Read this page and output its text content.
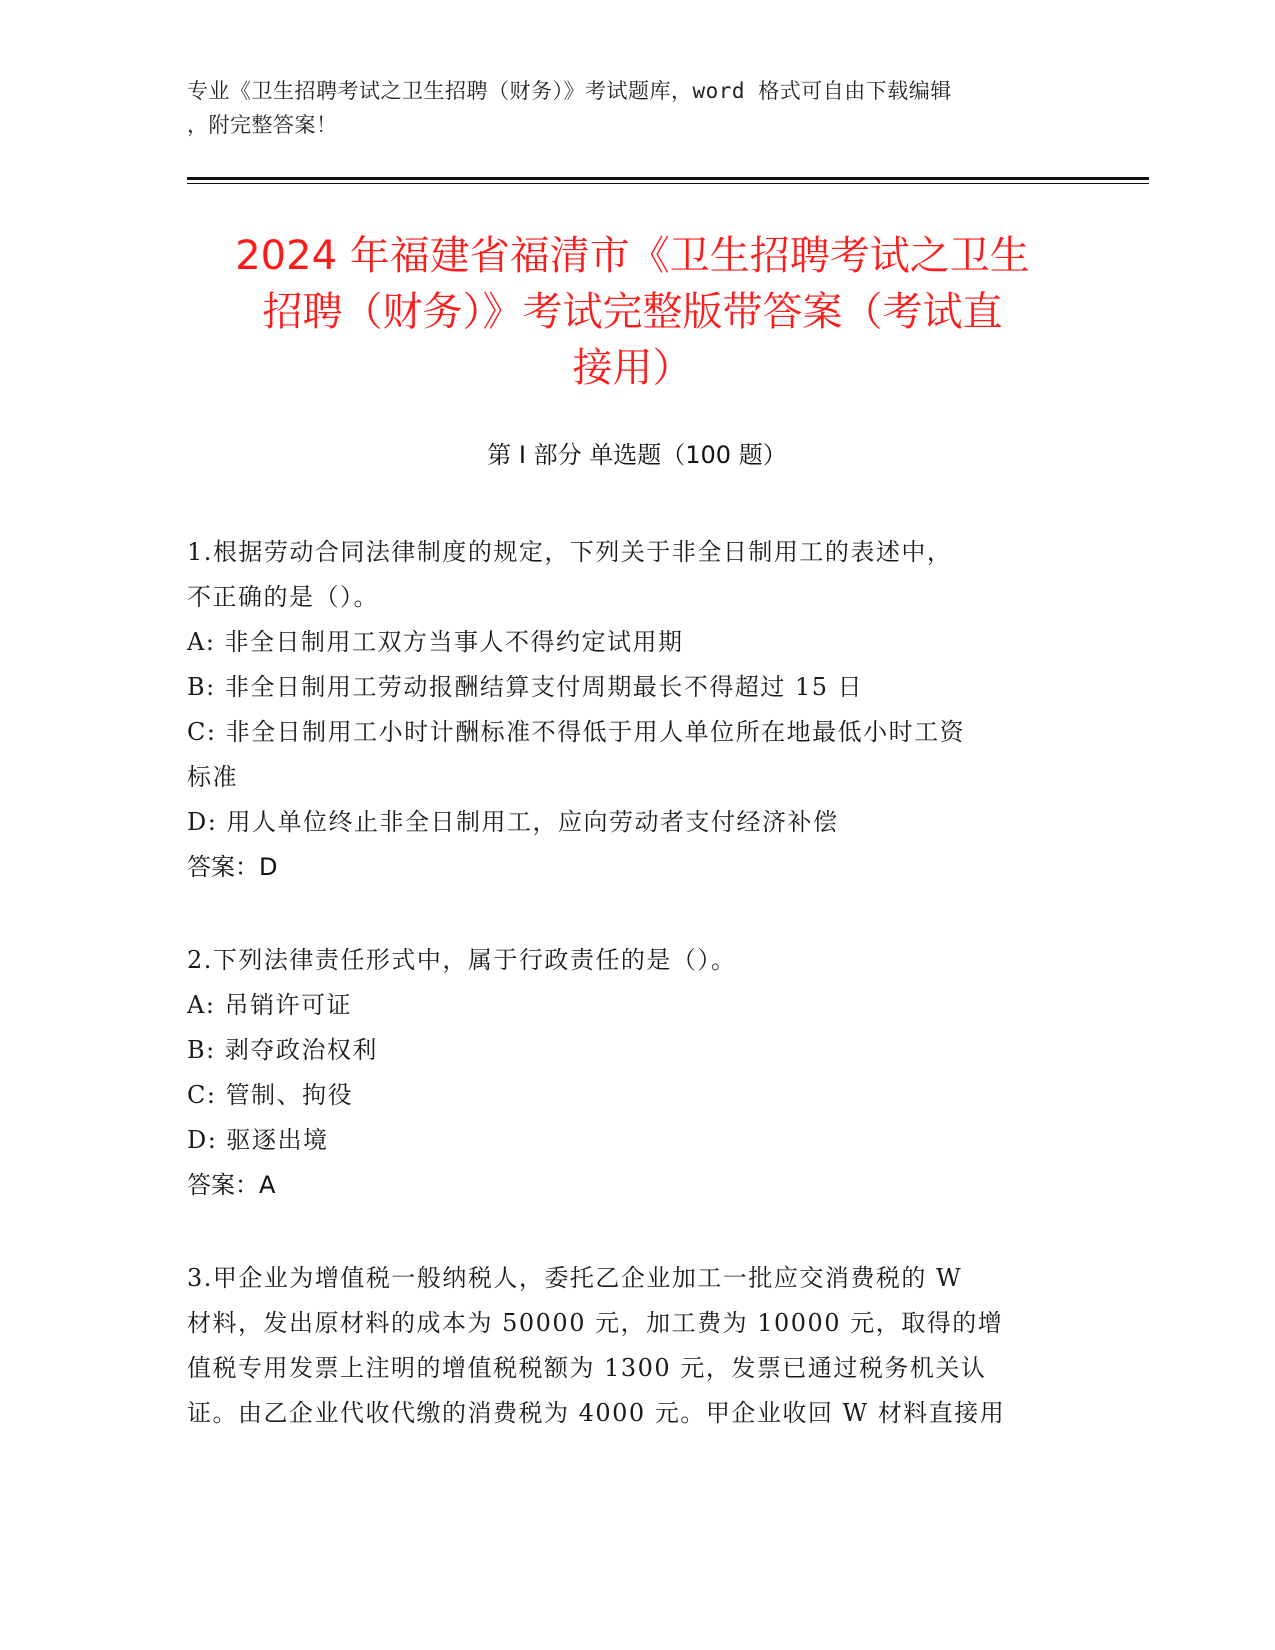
专业《卫生招聘考试之卫生招聘（财务）》考试题库，word 格式可自由下载编辑
，附完整答案！
2024 年福建省福清市《卫生招聘考试之卫生
招聘（财务）》考试完整版带答案（考试直
接用）
第 I 部分 单选题（100 题）

1.根据劳动合同法律制度的规定，下列关于非全日制用工的表述中，

不正确的是（）。

A: 非全日制用工双方当事人不得约定试用期

B: 非全日制用工劳动报酬结算支付周期最长不得超过 15 日

C: 非全日制用工小时计酬标准不得低于用人单位所在地最低小时工资

标准

D: 用人单位终止非全日制用工，应向劳动者支付经济补偿

答案：D

2.下列法律责任形式中，属于行政责任的是（）。

A: 吊销许可证

B: 剥夺政治权利

C: 管制、拘役

D: 驱逐出境

答案：A

3.甲企业为增值税一般纳税人，委托乙企业加工一批应交消费税的 W

材料，发出原材料的成本为 50000 元，加工费为 10000 元，取得的增

值税专用发票上注明的增值税税额为 1300 元，发票已通过税务机关认

证。由乙企业代收代缴的消费税为 4000 元。甲企业收回 W 材料直接用
